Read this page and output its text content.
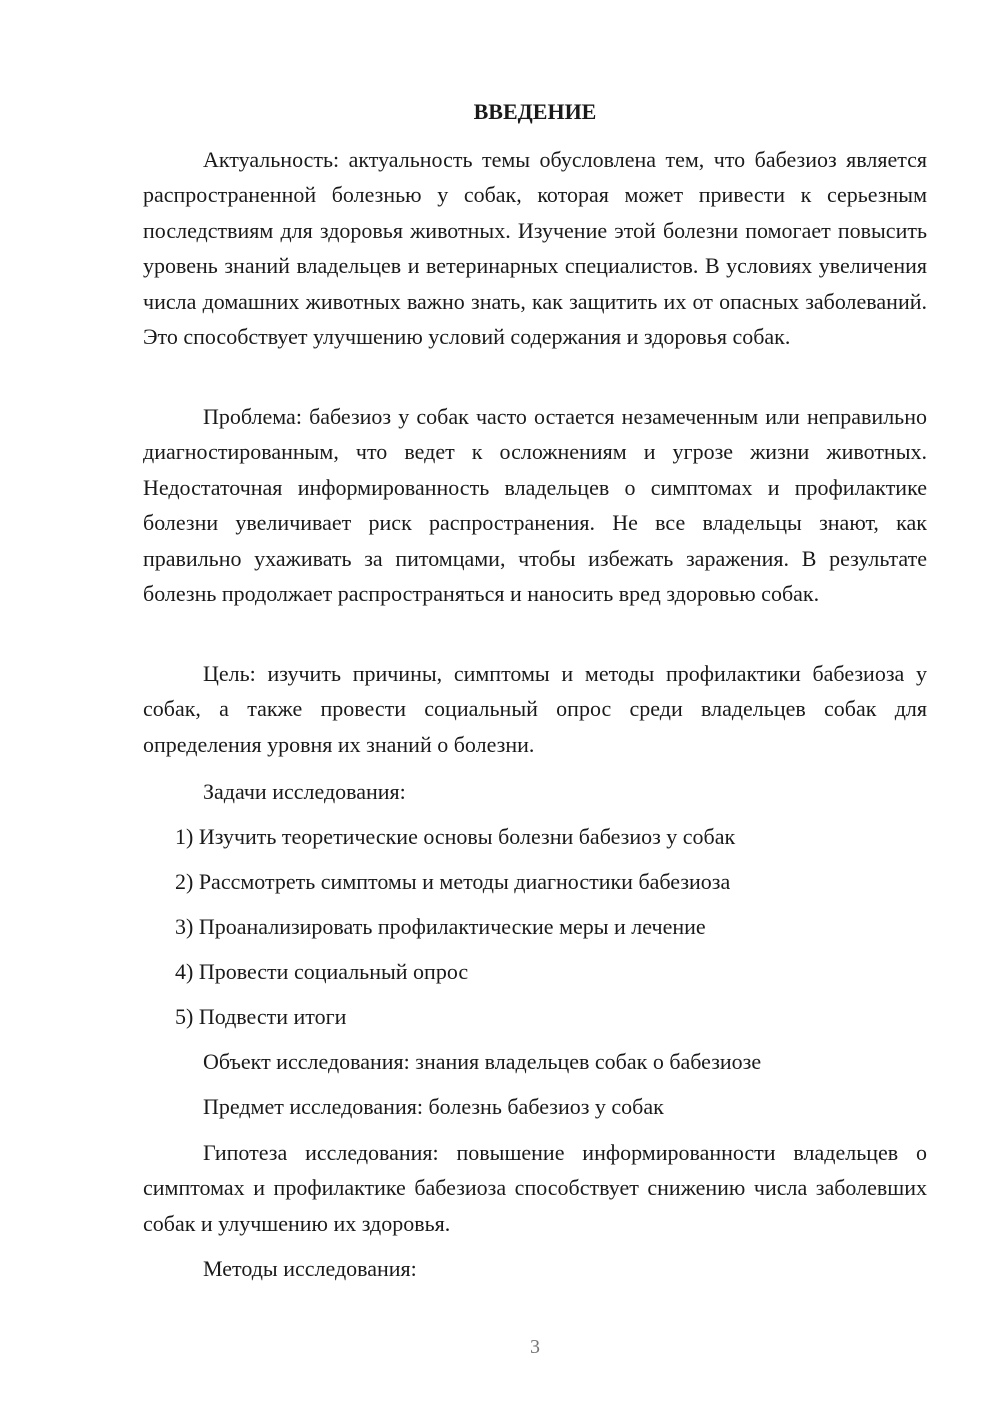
ВВЕДЕНИЕ

Актуальность: актуальность темы обусловлена тем, что бабезиоз является распространенной болезнью у собак, которая может привести к серьезным последствиям для здоровья животных. Изучение этой болезни помогает повысить уровень знаний владельцев и ветеринарных специалистов. В условиях увеличения числа домашних животных важно знать, как защитить их от опасных заболеваний. Это способствует улучшению условий содержания и здоровья собак.

Проблема: бабезиоз у собак часто остается незамеченным или неправильно диагностированным, что ведет к осложнениям и угрозе жизни животных. Недостаточная информированность владельцев о симптомах и профилактике болезни увеличивает риск распространения. Не все владельцы знают, как правильно ухаживать за питомцами, чтобы избежать заражения. В результате болезнь продолжает распространяться и наносить вред здоровью собак.

Цель: изучить причины, симптомы и методы профилактики бабезиоза у собак, а также провести социальный опрос среди владельцев собак для определения уровня их знаний о болезни.

Задачи исследования:
1) Изучить теоретические основы болезни бабезиоз у собак
2) Рассмотреть симптомы и методы диагностики бабезиоза
3) Проанализировать профилактические меры и лечение
4) Провести социальный опрос
5) Подвести итоги
Объект исследования: знания владельцев собак о бабезиозе
Предмет исследования: болезнь бабезиоз у собак

Гипотеза исследования: повышение информированности владельцев о симптомах и профилактике бабезиоза способствует снижению числа заболевших собак и улучшению их здоровья.

Методы исследования:
3
